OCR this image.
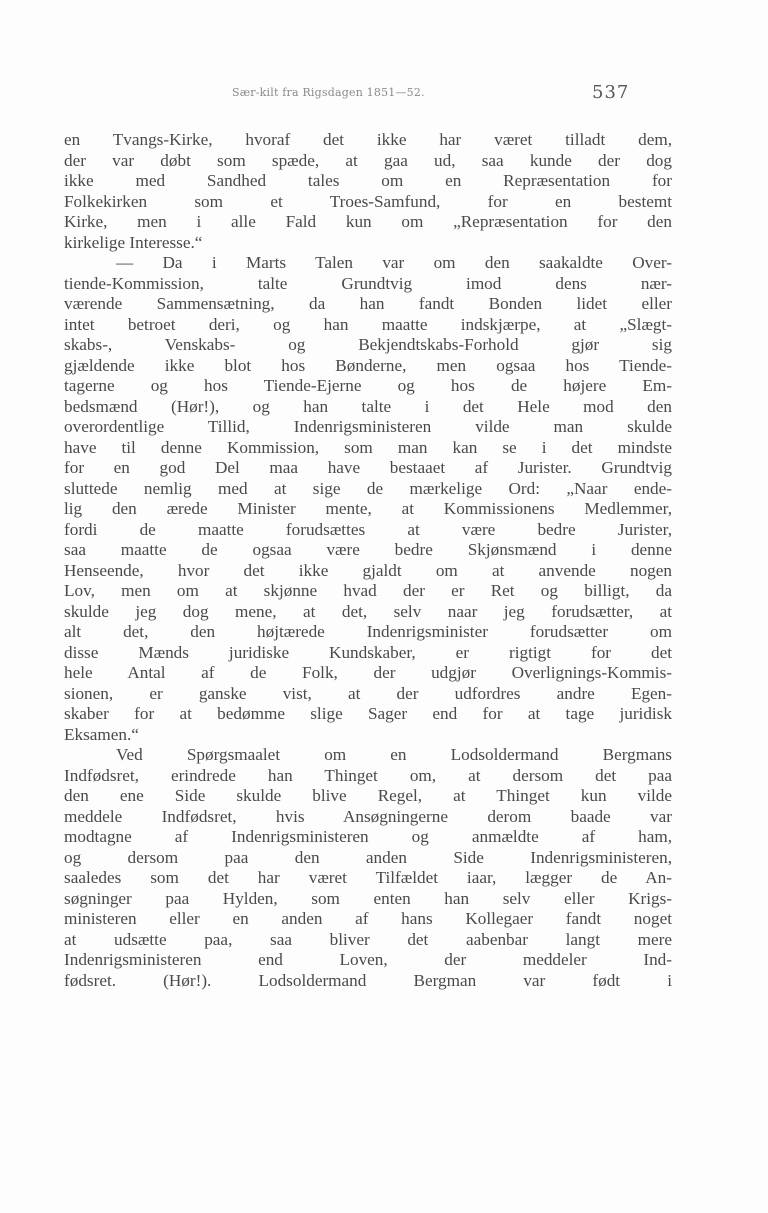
Sær-kilt fra Rigsdagen 1851—52.	537
en Tvangs-Kirke, hvoraf det ikke har været tilladt dem,
der var døbt som spæde, at gaa ud, saa kunde der dog
ikke med Sandhed tales om en Repræsentation for
Folkekirken som et Troes-Samfund, for en bestemt
Kirke, men i alle Fald kun om „Repræsentation for den
kirkelige Interesse.“
— Da i Marts Talen var om den saakaldte Over-
tiende-Kommission, talte Grundtvig imod dens nær-
værende Sammensætning, da han fandt Bonden lidet eller
intet betroet deri, og han maatte indskjærpe, at „Slægt-
skabs-, Venskabs- og Bekjendtskabs-Forhold gjør sig
gjældende ikke blot hos Bønderne, men ogsaa hos Tiende-
tagerne og hos Tiende-Ejerne og hos de højere Em-
bedsmænd (Hør!), og han talte i det Hele mod den
overordentlige Tillid, Indenrigsministeren vilde man skulde
have til denne Kommission, som man kan se i det mindste
for en god Del maa have bestaaet af Jurister. Grundtvig
sluttede nemlig med at sige de mærkelige Ord: „Naar ende-
lig den ærede Minister mente, at Kommissionens Medlemmer,
fordi de maatte forudsættes at være bedre Jurister,
saa maatte de ogsaa være bedre Skjønsmænd i denne
Henseende, hvor det ikke gjaldt om at anvende nogen
Lov, men om at skjønne hvad der er Ret og billigt, da
skulde jeg dog mene, at det, selv naar jeg forudsætter, at
alt det, den højtærede Indenrigsminister forudsætter om
disse Mænds juridiske Kundskaber, er rigtigt for det
hele Antal af de Folk, der udgjør Overlignings-Kommis-
sionen, er ganske vist, at der udfordres andre Egen-
skaber for at bedømme slige Sager end for at tage juridisk
Eksamen.“
Ved Spørgsmaalet om en Lodsoldermand Bergmans
Indfødsret, erindrede han Thinget om, at dersom det paa
den ene Side skulde blive Regel, at Thinget kun vilde
meddele Indfødsret, hvis Ansøgningerne derom baade var
modtagne af Indenrigsministeren og anmældte af ham,
og dersom paa den anden Side Indenrigsministeren,
saaledes som det har været Tilfældet iaar, lægger de An-
søgninger paa Hylden, som enten han selv eller Krigs-
ministeren eller en anden af hans Kollegaer fandt noget
at udsætte paa, saa bliver det aabenbar langt mere
Indenrigsministeren end Loven, der meddeler Ind-
fødsret. (Hør!). Lodsoldermand Bergman var født i
